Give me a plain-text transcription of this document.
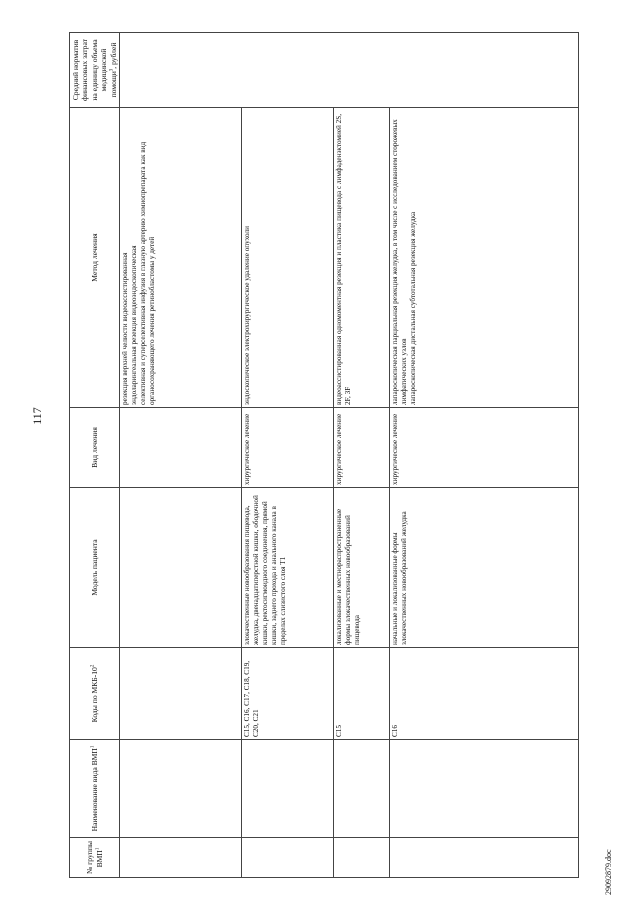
117
№ группы ВМП$^1$	Наименование вида ВМП$^1$	Коды по МКБ-$10^2$	Модель пациента	Вид лечения	Метод лечения	Средний норматив финансовых затрат на единицу объема медицинской помощи$^3$, рублей

					резекция верхней челюсти видеоассистированная эндоларингеальная резекция видеоэндоскопическая селективная и суперселективная инфузия в глазную артерию химиопрепарата как вид органосохраняющего лечения ретинобластомы у детей	

		C15, C16, C17, C18, C19, C20, C21	злокачественные новообразования пищевода, желудка, двенадцатиперстной кишки, ободочной кишки, ректосигмоидного соединения, прямой кишки, заднего прохода и анального канала в пределах слизистого слоя T1	хирургическое лечение	эндоскопическое электрохирургическое удаление опухоли	

		C15	локализованные и местнораспространенные формы злокачественных новообразований пищевода	хирургическое лечение	видеоассистированная одномоментная резекция и пластика пищевода с лимфаденэктомией 2S, 2F, 3F	

		C16	начальные и локализованные формы злокачественных новообразований желудка	хирургическое лечение	лапароскопическая парциальная резекция желудка, в том числе с исследованием сторожевых лимфатических узлов лапароскопическая дистальная субтотальная резекция желудка	
29092879.doc
